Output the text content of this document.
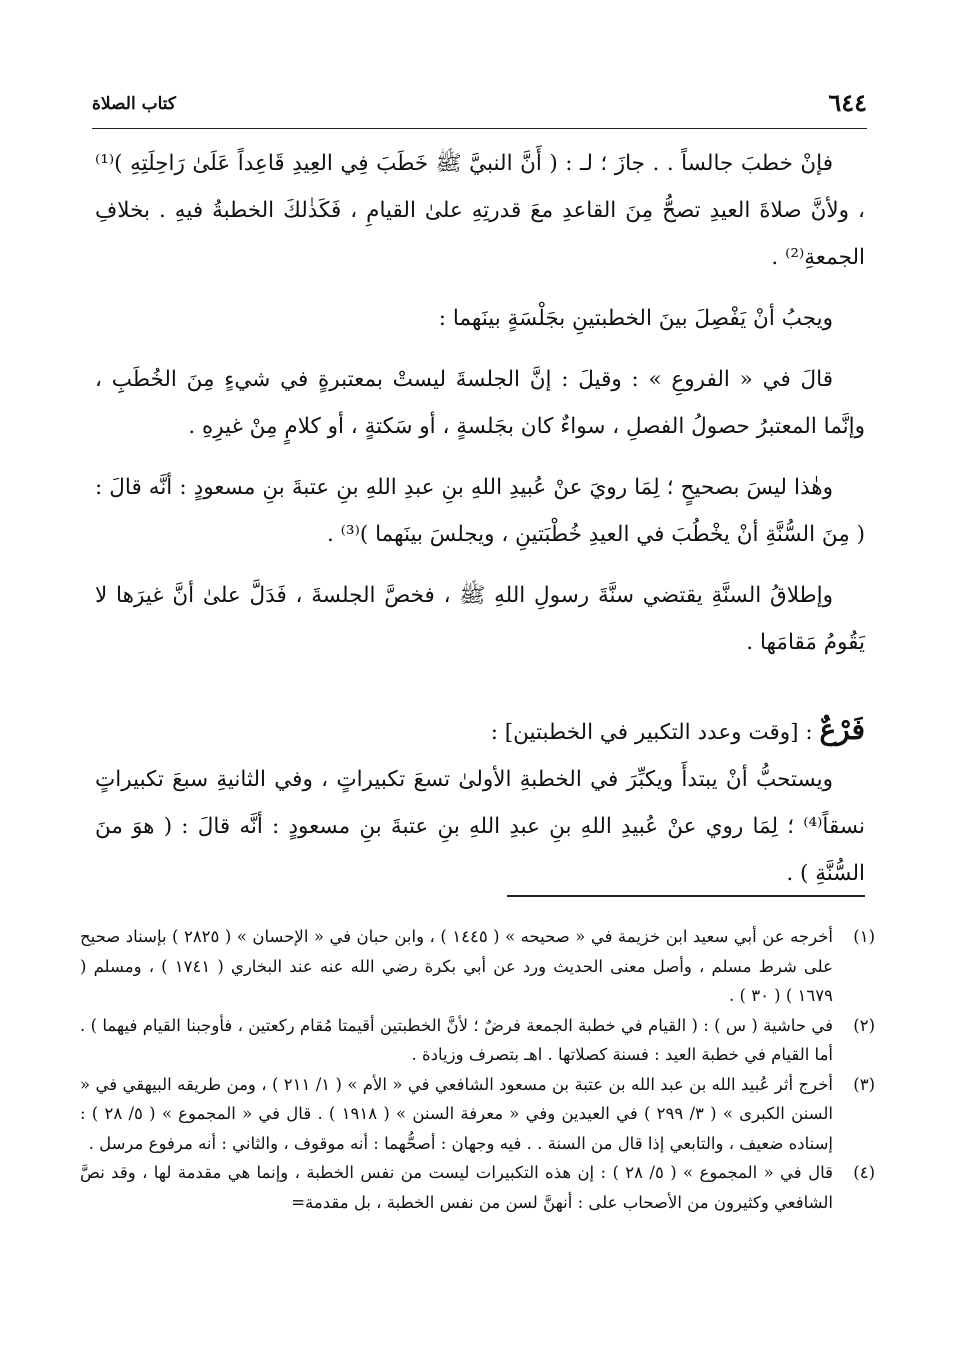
٦٤٤
كتاب الصلاة

فإنْ خطبَ جالساً . . جازَ ؛ لـ : ( أَنَّ النبيَّ ﷺ خَطَبَ فِي العِيدِ قَاعِداً عَلَىٰ رَاحِلَتِهِ )⁽¹⁾ ، ولأنَّ صلاةَ العيدِ تصحُّ مِنَ القاعدِ معَ قدرتِهِ علىٰ القيامِ ، فَكَذٰلكَ الخطبةُ فيهِ . بخلافِ الجمعةِ⁽²⁾ .

ويجبُ أنْ يَفْصِلَ بينَ الخطبتينِ بجَلْسَةٍ بينَهما :

قالَ في « الفروعِ » : وقيلَ : إنَّ الجلسةَ ليستْ بمعتبرةٍ في شيءٍ مِنَ الخُطَبِ ، وإنَّما المعتبرُ حصولُ الفصلِ ، سواءٌ كان بجَلسةٍ ، أو سَكتةٍ ، أو كلامٍ مِنْ غيرِهِ .

وهٰذا ليسَ بصحيحٍ ؛ لِمَا رويَ عنْ عُبيدِ اللهِ بنِ عبدِ اللهِ بنِ عتبةَ بنِ مسعودٍ : أنَّه قالَ : ( مِنَ السُّنَّةِ أنْ يخْطُبَ في العيدِ خُطْبَتينِ ، ويجلسَ بينَهما )⁽³⁾ .

وإطلاقُ السنَّةِ يقتضي سنَّةَ رسولِ اللهِ ﷺ ، فخصَّ الجلسةَ ، فَدَلَّ علىٰ أنَّ غيرَها لا يَقُومُ مَقامَها .

فَرْعٌ : [وقت وعدد التكبير في الخطبتين] :

ويستحبُّ أنْ يبتدأَ ويكبِّرَ في الخطبةِ الأولىٰ تسعَ تكبيراتٍ ، وفي الثانيةِ سبعَ تكبيراتٍ نسقاً⁽⁴⁾ ؛ لِمَا روي عنْ عُبيدِ اللهِ بنِ عبدِ اللهِ بنِ عتبةَ بنِ مسعودٍ : أنَّه قالَ : ( هوَ منَ السُّنَّةِ ) .

(١)
أخرجه عن أبي سعيد ابن خزيمة في « صحيحه » ( ١٤٤٥ ) ، وابن حبان في « الإحسان » ( ٢٨٢٥ ) بإسناد صحيح على شرط مسلم ، وأصل معنى الحديث ورد عن أبي بكرة رضي الله عنه عند البخاري ( ١٧٤١ ) ، ومسلم ( ١٦٧٩ ) ( ٣٠ ) .
(٢)
في حاشية ( س ) : ( القيام في خطبة الجمعة فرضٌ ؛ لأنَّ الخطبتين أقيمتا مُقام ركعتين ، فأوجبنا القيام فيهما ) . أما القيام في خطبة العيد : فسنة كصلاتها . اهـ بتصرف وزيادة .
(٣)
أخرج أثر عُبيد الله بن عبد الله بن عتبة بن مسعود الشافعي في « الأم » ( ١/ ٢١١ ) ، ومن طريقه البيهقي في « السنن الكبرى » ( ٣/ ٢٩٩ ) في العيدين وفي « معرفة السنن » ( ١٩١٨ ) . قال في « المجموع » ( ٥/ ٢٨ ) : إسناده ضعيف ، والتابعي إذا قال من السنة . . فيه وجهان : أصحُّهما : أنه موقوف ، والثاني : أنه مرفوع مرسل .
(٤)
قال في « المجموع » ( ٥/ ٢٨ ) : إن هذه التكبيرات ليست من نفس الخطبة ، وإنما هي مقدمة لها ، وقد نصَّ الشافعي وكثيرون من الأصحاب على : أنهنَّ لسن من نفس الخطبة ، بل مقدمة=
